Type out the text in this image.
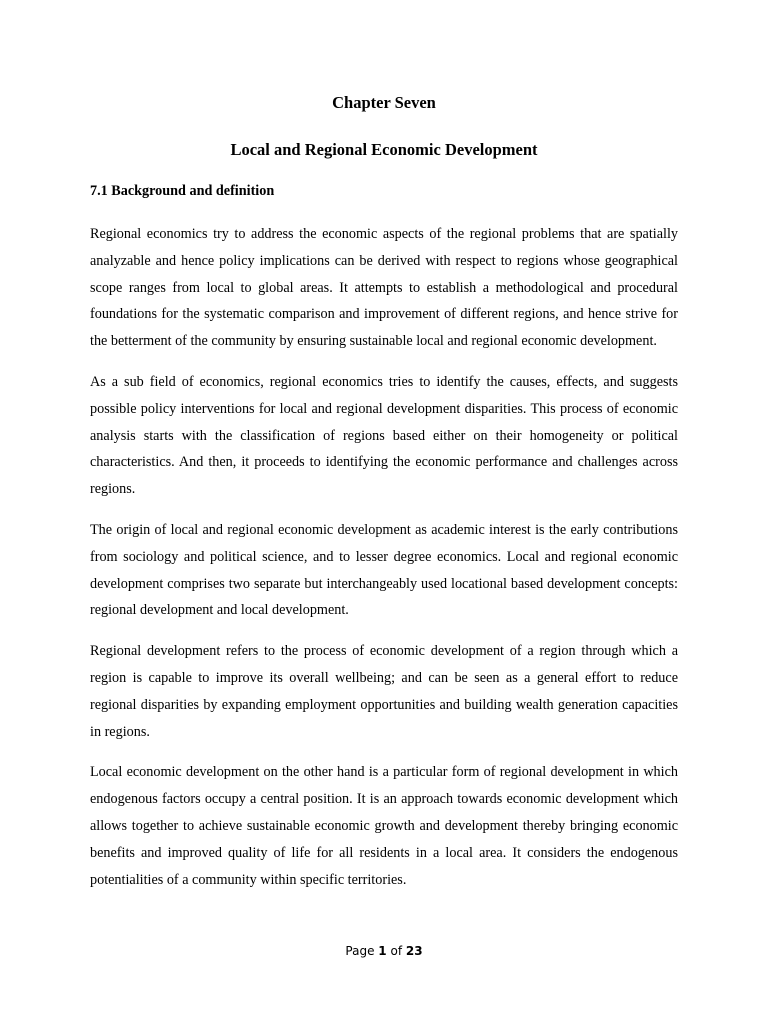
Chapter Seven
Local and Regional Economic Development
7.1 Background and definition

Regional economics try to address the economic aspects of the regional problems that are spatially analyzable and hence policy implications can be derived with respect to regions whose geographical scope ranges from local to global areas. It attempts to establish a methodological and procedural foundations for the systematic comparison and improvement of different regions, and hence strive for the betterment of the community by ensuring sustainable local and regional economic development.

As a sub field of economics, regional economics tries to identify the causes, effects, and suggests possible policy interventions for local and regional development disparities. This process of economic analysis starts with the classification of regions based either on their homogeneity or political characteristics. And then, it proceeds to identifying the economic performance and challenges across regions.

The origin of local and regional economic development as academic interest is the early contributions from sociology and political science, and to lesser degree economics. Local and regional economic development comprises two separate but interchangeably used locational based development concepts: regional development and local development.

Regional development refers to the process of economic development of a region through which a region is capable to improve its overall wellbeing; and can be seen as a general effort to reduce regional disparities by expanding employment opportunities and building wealth generation capacities in regions.

Local economic development on the other hand is a particular form of regional development in which endogenous factors occupy a central position. It is an approach towards economic development which allows together to achieve sustainable economic growth and development thereby bringing economic benefits and improved quality of life for all residents in a local area. It considers the endogenous potentialities of a community within specific territories.

Page 1 of 23
